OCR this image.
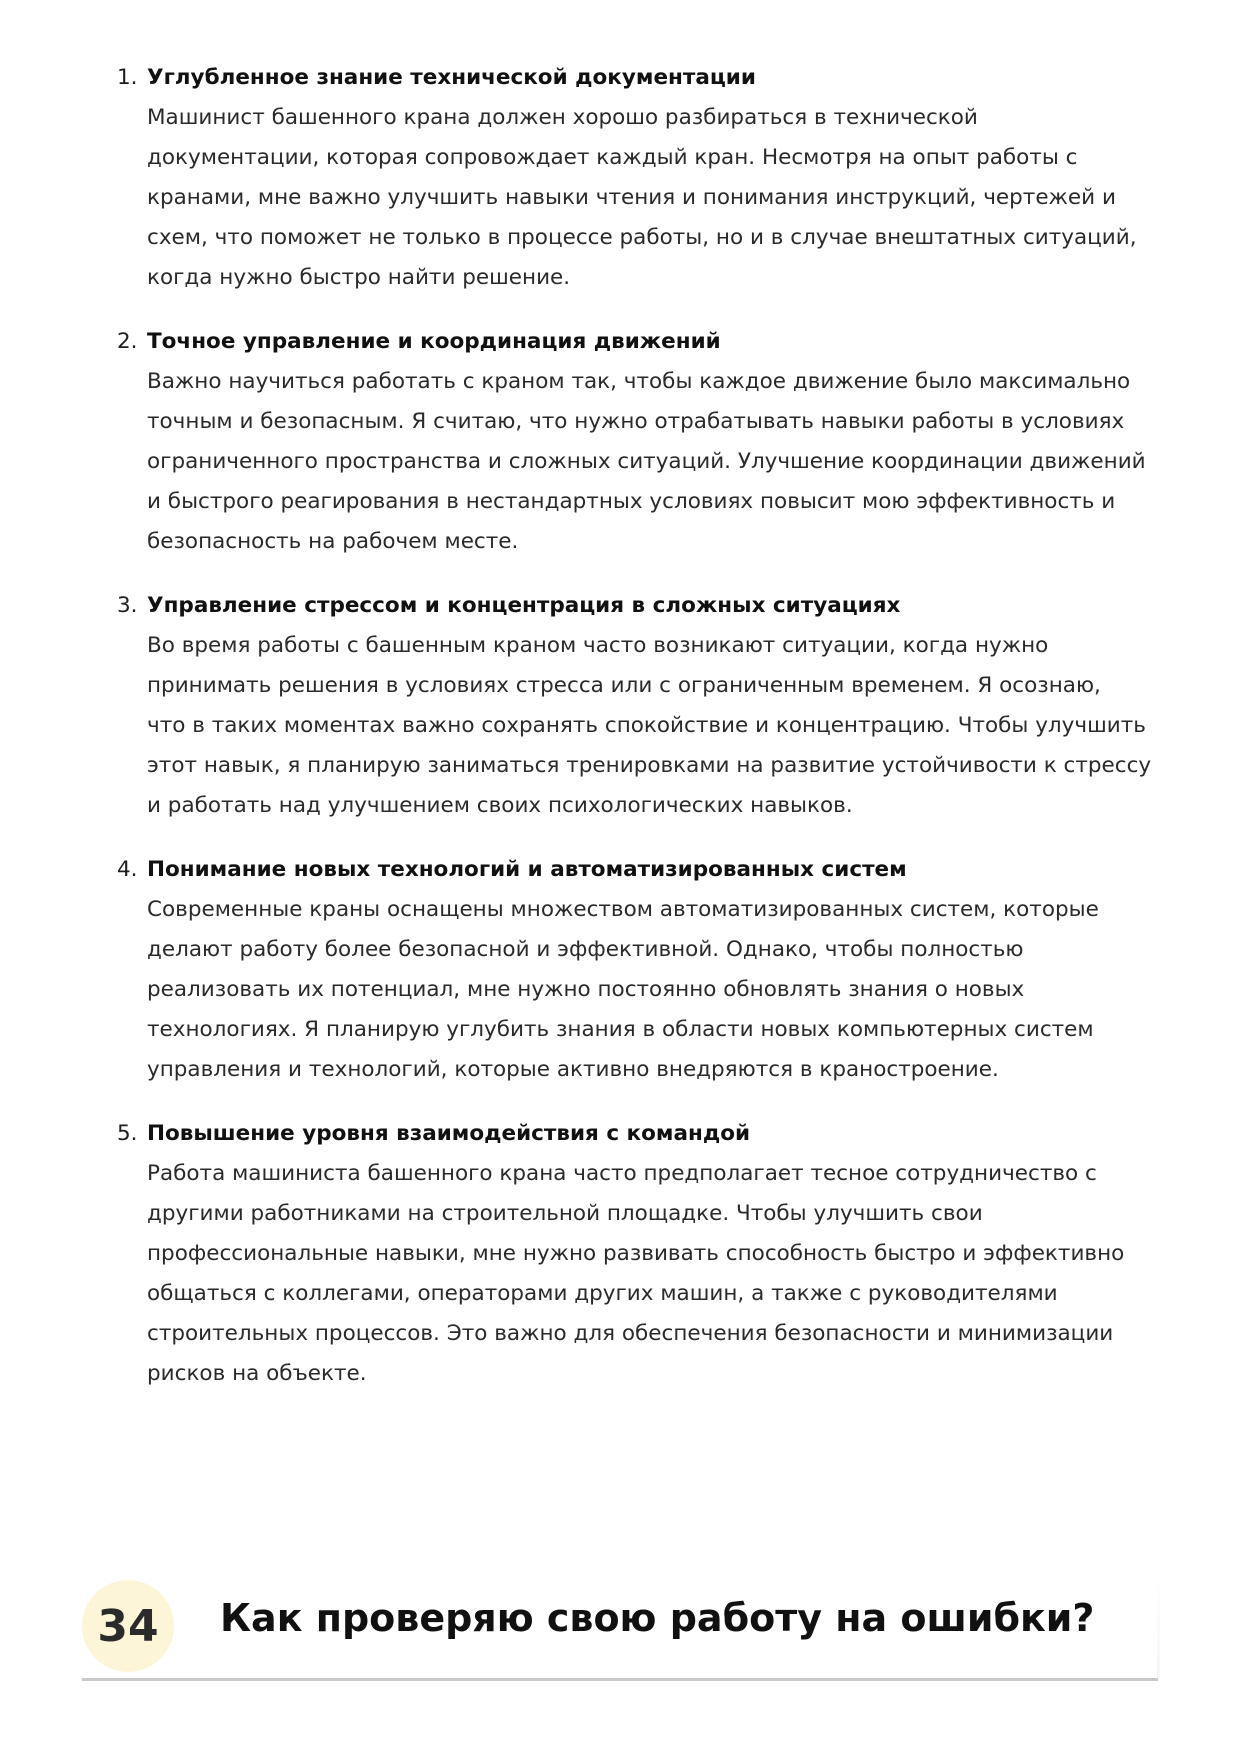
1. Углубленное знание технической документации

Машинист башенного крана должен хорошо разбираться в технической
документации, которая сопровождает каждый кран. Несмотря на опыт работы с
кранами, мне важно улучшить навыки чтения и понимания инструкций, чертежей и
схем, что поможет не только в процессе работы, но и в случае внештатных ситуаций,
когда нужно быстро найти решение.

2. Точное управление и координация движений

Важно научиться работать с краном так, чтобы каждое движение было максимально
точным и безопасным. Я считаю, что нужно отрабатывать навыки работы в условиях
ограниченного пространства и сложных ситуаций. Улучшение координации движений
и быстрого реагирования в нестандартных условиях повысит мою эффективность и
безопасность на рабочем месте.

3. Управление стрессом и концентрация в сложных ситуациях

Во время работы с башенным краном часто возникают ситуации, когда нужно
принимать решения в условиях стресса или с ограниченным временем. Я осознаю,
что в таких моментах важно сохранять спокойствие и концентрацию. Чтобы улучшить
этот навык, я планирую заниматься тренировками на развитие устойчивости к стрессу
и работать над улучшением своих психологических навыков.

4. Понимание новых технологий и автоматизированных систем

Современные краны оснащены множеством автоматизированных систем, которые
делают работу более безопасной и эффективной. Однако, чтобы полностью
реализовать их потенциал, мне нужно постоянно обновлять знания о новых
технологиях. Я планирую углубить знания в области новых компьютерных систем
управления и технологий, которые активно внедряются в краностроение.

5. Повышение уровня взаимодействия с командой

Работа машиниста башенного крана часто предполагает тесное сотрудничество с
другими работниками на строительной площадке. Чтобы улучшить свои
профессиональные навыки, мне нужно развивать способность быстро и эффективно
общаться с коллегами, операторами других машин, а также с руководителями
строительных процессов. Это важно для обеспечения безопасности и минимизации
рисков на объекте.

34	Как проверяю свою работу на ошибки?
